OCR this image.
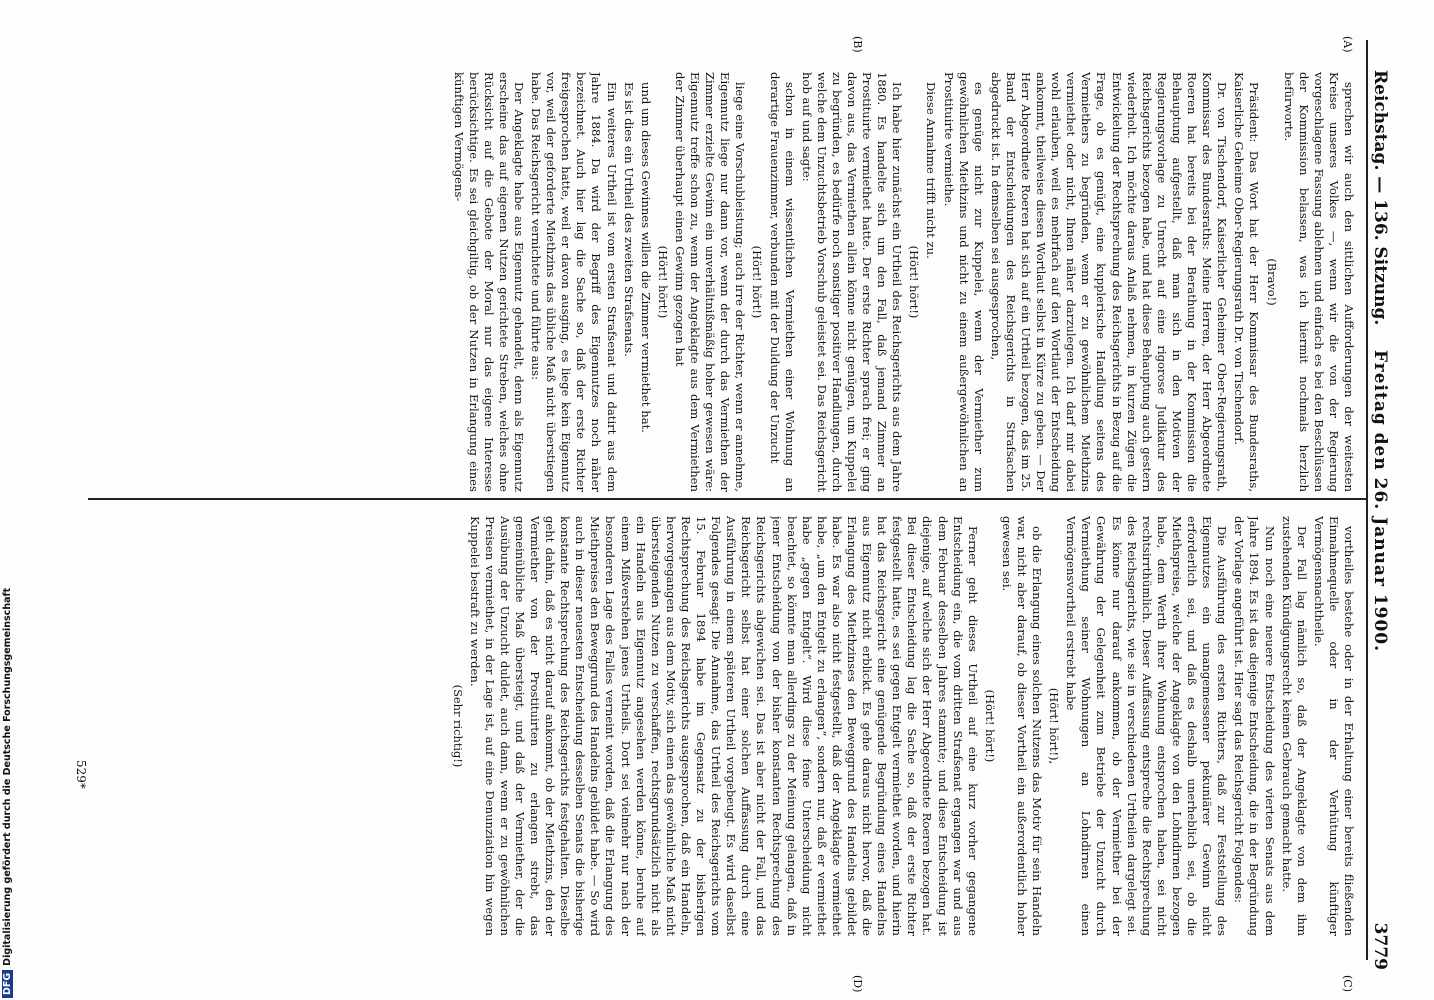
Reichstag. — 136. Sitzung.
Freitag den 26. Januar 1900.
3779
(A)
(B)
(C)
(D)

sprechen wir auch den sittlichen Aufforderungen der weitesten Kreise unseres Volkes —, wenn wir die von der Regierung vorgeschlagene Fassung ablehnen und einfach es bei den Beschlüssen der Kommission belassen, was ich hiermit nochmals herzlich befürworte.

(Bravo!)

Präsident: Das Wort hat der Herr Kommissar des Bundesraths, Kaiserliche Geheime Ober-Regierungsrath Dr. von Tischendorf.

Dr. von Tischendorf, Kaiserlicher Geheimer Ober-Regierungsrath, Kommissar des Bundesraths: Meine Herren, der Herr Abgeordnete Roeren hat bereits bei der Berathung in der Kommission die Behauptung aufgestellt, daß man sich in den Motiven der Regierungsvorlage zu Unrecht auf eine rigorose Judikatur des Reichsgerichts bezogen habe, und hat diese Behauptung auch gestern wiederholt. Ich möchte daraus Anlaß nehmen, in kurzen Zügen die Entwickelung der Rechtsprechung des Reichsgerichts in Bezug auf die Frage, ob es genügt, eine kupplerische Handlung seitens des Vermiethers zu begründen, wenn er zu gewöhnlichem Miethzins vermiethet oder nicht, Ihnen näher darzulegen. Ich darf mir dabei wohl erlauben, weil es mehrfach auf den Wortlaut der Entscheidung ankommt, theilweise diesen Wortlaut selbst in Kürze zu geben. — Der Herr Abgeordnete Roeren hat sich auf ein Urtheil bezogen, das im 25. Band der Entscheidungen des Reichsgerichts in Strafsachen abgedruckt ist. In demselben sei ausgesprochen,

es genüge nicht zur Kuppelei, wenn der Vermiether zum gewöhnlichen Miethzins und nicht zu einem außergewöhnlichen an Prostituirte vermiethe.

Diese Annahme trifft nicht zu.

(Hört! hört!)

Ich habe hier zunächst ein Urtheil des Reichsgerichts aus dem Jahre 1880. Es handelte sich um den Fall, daß jemand Zimmer an Prostituirte vermiethet hatte. Der erste Richter sprach frei; er ging davon aus, das Vermiethen allein könne nicht genügen, um Kuppelei zu begründen, es bedürfe noch sonstiger positiver Handlungen, durch welche dem Unzuchtsbetrieb Vorschub geleistet sei. Das Reichsgericht hob auf und sagte:

schon in einem wissentlichen Vermiethen einer Wohnung an derartige Frauenzimmer, verbunden mit der Duldung der Unzucht

(Hört! hört!)

liege eine Vorschubleistung; auch irre der Richter, wenn er annehme, Eigennutz liege nur dann vor, wenn der durch das Vermiethen der Zimmer erzielte Gewinn ein unverhältnißmäßig hoher gewesen wäre: Eigennutz treffe schon zu, wenn der Angeklagte aus dem Vermiethen der Zimmer überhaupt einen Gewinn gezogen hat

(Hört! hört!)

und um dieses Gewinnes willen die Zimmer vermiethet hat.

Es ist dies ein Urtheil des zweiten Strafsenats.

Ein weiteres Urtheil ist vom ersten Strafsenat und datirt aus dem Jahre 1884. Da wird der Begriff des Eigennutzes noch näher bezeichnet. Auch hier lag die Sache so, daß der erste Richter freigesprochen hatte, weil er davon ausging, es liege kein Eigennutz vor, weil der geforderte Miethzins das übliche Maß nicht überstiegen habe. Das Reichsgericht vernichtete und führte aus:

Der Angeklagte habe aus Eigennutz gehandelt, denn als Eigennutz erscheine das auf eigenen Nutzen gerichtete Streben, welches ohne Rücksicht auf die Gebote der Moral nur das eigene Interesse berücksichtige. Es sei gleichgiltig, ob der Nutzen in Erlangung eines künftigen Vermögens-

vortheiles bestehe oder in der Erhaltung einer bereits fließenden Einnahmequelle oder in der Verhütung künftiger Vermögensnachtheile.

Der Fall lag nämlich so, daß der Angeklagte von dem ihm zustehenden Kündigungsrecht keinen Gebrauch gemacht hatte.

Nun noch eine neuere Entscheidung des vierten Senats aus dem Jahre 1894. Es ist das diejenige Entscheidung, die in der Begründung der Vorlage angeführt ist. Hier sagt das Reichsgericht Folgendes:

Die Ausführung des ersten Richters, daß zur Feststellung des Eigennutzes ein unangemessener pekuniärer Gewinn nicht erforderlich sei, und daß es deshalb unerheblich sei, ob die Miethspreise, welche der Angeklagte von den Lohndirnen bezogen habe, dem Werth ihrer Wohnung entsprochen haben, sei nicht rechtsirrthümlich. Dieser Auffassung entspreche die Rechtsprechung des Reichsgerichts, wie sie in verschiedenen Urtheilen dargelegt sei. Es könne nur darauf ankommen, ob der Vermiether bei der Gewährung der Gelegenheit zum Betriebe der Unzucht durch Vermiethung seiner Wohnungen an Lohndirnen einen Vermögensvortheil erstrebt habe

(Hört! hört!),

ob die Erlangung eines solchen Nutzens das Motiv für sein Handeln war, nicht aber darauf, ob dieser Vortheil ein außerordentlich hoher gewesen sei.

(Hört! hört!)

Ferner geht dieses Urtheil auf eine kurz vorher gegangene Entscheidung ein, die vom dritten Strafsenat ergangen war und aus dem Februar desselben Jahres stammte; und diese Entscheidung ist diejenige, auf welche sich der Herr Abgeordnete Roeren bezogen hat. Bei dieser Entscheidung lag die Sache so, daß der erste Richter festgestellt hatte, es sei gegen Entgelt vermiethet worden, und hierin hat das Reichsgericht eine genügende Begründung eines Handelns aus Eigennutz nicht erblickt. Es gehe daraus nicht hervor, daß die Erlangung des Miethzinses den Beweggrund des Handelns gebildet habe. Es war also nicht festgestellt, daß der Angeklagte vermiethet habe, „um den Entgelt zu erlangen“, sondern nur, daß er vermiethet habe „gegen Entgelt“. Wird diese feine Unterscheidung nicht beachtet, so könnte man allerdings zu der Meinung gelangen, daß in jener Entscheidung von der bisher konstanten Rechtsprechung des Reichsgerichts abgewichen sei. Das ist aber nicht der Fall, und das Reichsgericht selbst hat einer solchen Auffassung durch eine Ausführung in einem späteren Urtheil vorgebeugt. Es wird daselbst Folgendes gesagt: Die Annahme, das Urtheil des Reichsgerichts vom 15. Februar 1894 habe im Gegensatz zu der bisherigen Rechtsprechung des Reichsgerichts ausgesprochen, daß ein Handeln, hervorgegangen aus dem Motiv, sich einen das gewöhnliche Maß nicht übersteigenden Nutzen zu verschaffen, rechtsgrundsätzlich nicht als ein Handeln aus Eigennutz angesehen werden könne, beruhe auf einem Mißverstehen jenes Urtheils. Dort sei vielmehr nur nach der besonderen Lage des Falles verneint worden, daß die Erlangung des Miethpreises den Beweggrund des Handelns gebildet habe. — So wird auch in dieser neuesten Entscheidung desselben Senats die bisherige konstante Rechtsprechung des Reichsgerichts festgehalten. Dieselbe geht dahin, daß es nicht darauf ankommt, ob der Miethzins, den der Vermiether von der Prostituirten zu erlangen strebt, das gemeinübliche Maß übersteigt, und daß der Vermiether, der die Ausübung der Unzucht duldet, auch dann, wenn er zu gewöhnlichen Preisen vermiethet, in der Lage ist, auf eine Denunziation hin wegen Kuppelei bestraft zu werden.

(Sehr richtig!)
529*
DFGDigitalisierung gefördert durch die Deutsche Forschungsgemeinschaft
